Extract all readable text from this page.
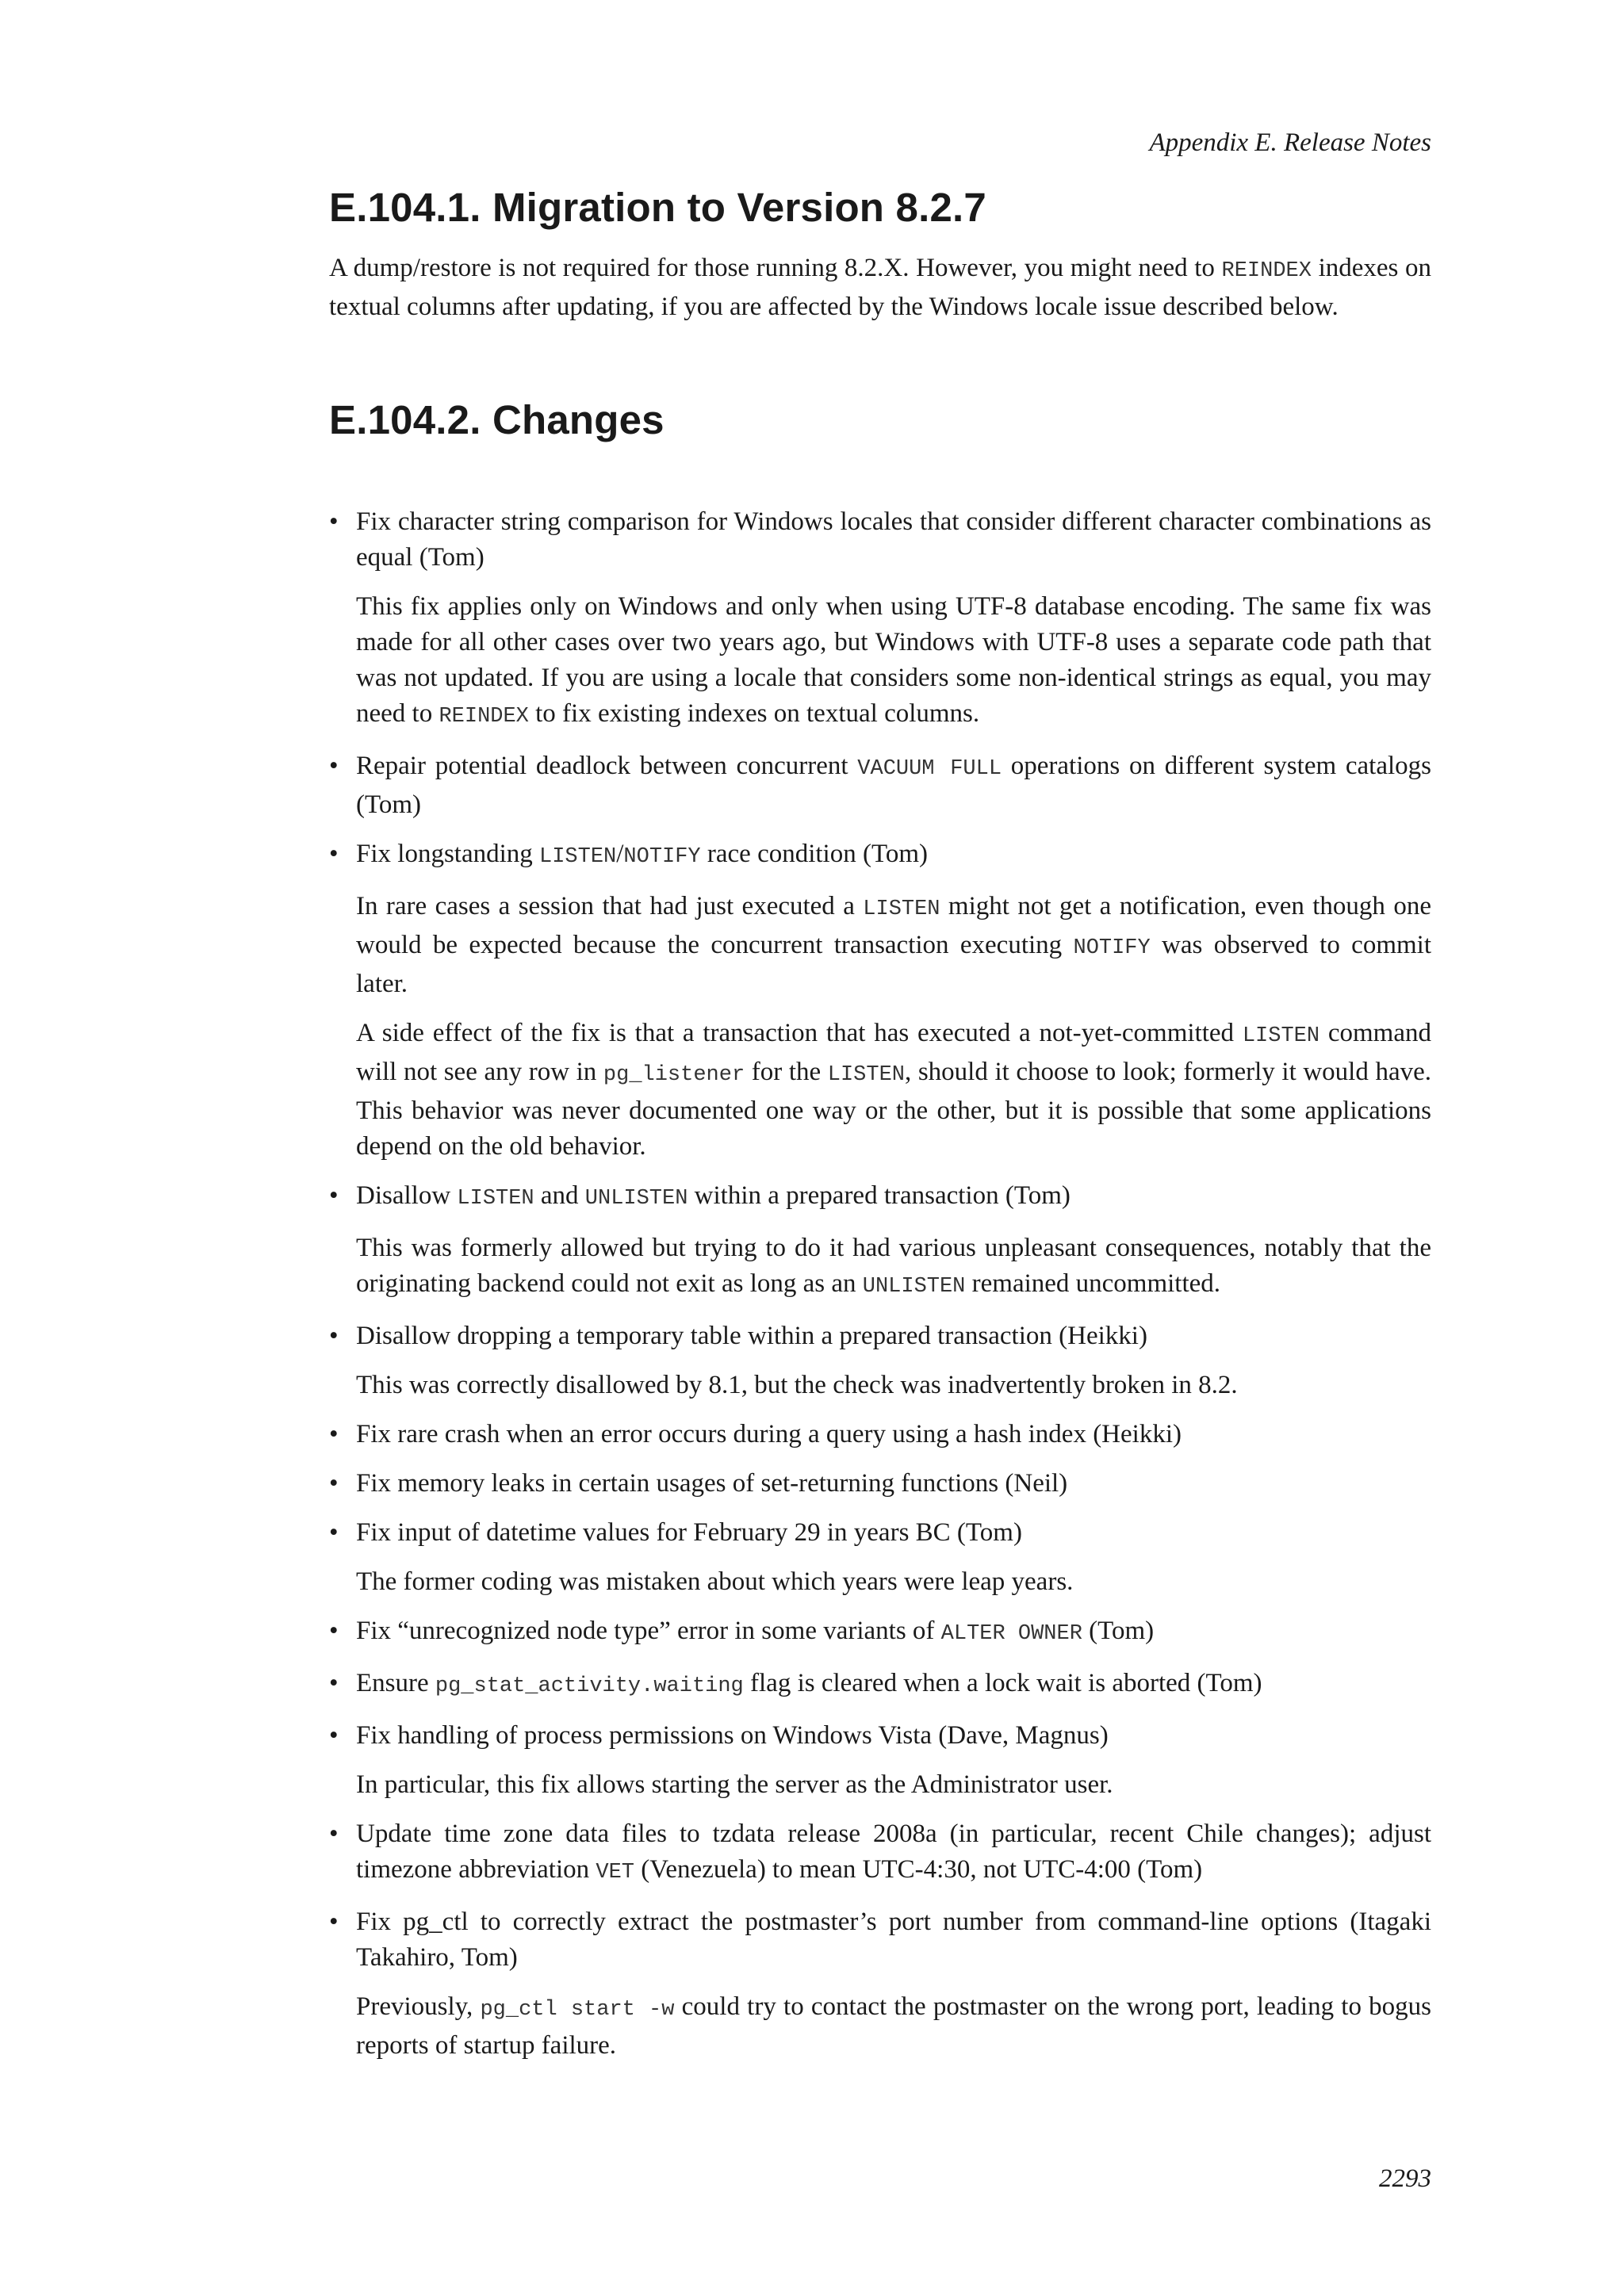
Appendix E. Release Notes
E.104.1. Migration to Version 8.2.7

A dump/restore is not required for those running 8.2.X. However, you might need to REINDEX indexes on textual columns after updating, if you are affected by the Windows locale issue described below.

E.104.2. Changes
• Fix character string comparison for Windows locales that consider different character combinations as equal (Tom)

This fix applies only on Windows and only when using UTF-8 database encoding. The same fix was made for all other cases over two years ago, but Windows with UTF-8 uses a separate code path that was not updated. If you are using a locale that considers some non-identical strings as equal, you may need to REINDEX to fix existing indexes on textual columns.

• Repair potential deadlock between concurrent VACUUM FULL operations on different system catalogs (Tom)

• Fix longstanding LISTEN/NOTIFY race condition (Tom)

In rare cases a session that had just executed a LISTEN might not get a notification, even though one would be expected because the concurrent transaction executing NOTIFY was observed to commit later.

A side effect of the fix is that a transaction that has executed a not-yet-committed LISTEN command will not see any row in pg_listener for the LISTEN, should it choose to look; formerly it would have. This behavior was never documented one way or the other, but it is possible that some applications depend on the old behavior.

• Disallow LISTEN and UNLISTEN within a prepared transaction (Tom)

This was formerly allowed but trying to do it had various unpleasant consequences, notably that the originating backend could not exit as long as an UNLISTEN remained uncommitted.

• Disallow dropping a temporary table within a prepared transaction (Heikki)

This was correctly disallowed by 8.1, but the check was inadvertently broken in 8.2.

• Fix rare crash when an error occurs during a query using a hash index (Heikki)

• Fix memory leaks in certain usages of set-returning functions (Neil)

• Fix input of datetime values for February 29 in years BC (Tom)

The former coding was mistaken about which years were leap years.

• Fix “unrecognized node type” error in some variants of ALTER OWNER (Tom)

• Ensure pg_stat_activity.waiting flag is cleared when a lock wait is aborted (Tom)

• Fix handling of process permissions on Windows Vista (Dave, Magnus)

In particular, this fix allows starting the server as the Administrator user.

• Update time zone data files to tzdata release 2008a (in particular, recent Chile changes); adjust timezone abbreviation VET (Venezuela) to mean UTC-4:30, not UTC-4:00 (Tom)

• Fix pg_ctl to correctly extract the postmaster’s port number from command-line options (Itagaki Takahiro, Tom)

Previously, pg_ctl start -w could try to contact the postmaster on the wrong port, leading to bogus reports of startup failure.

2293
